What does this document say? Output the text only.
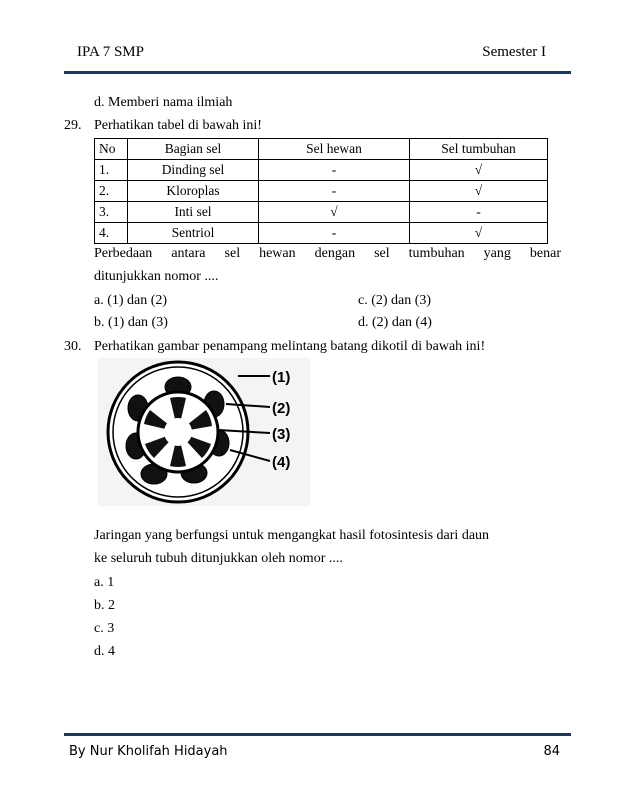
IPA 7 SMP	Semester I
d. Memberi nama ilmiah
29. Perhatikan tabel di bawah ini!
No	Bagian sel	Sel hewan	Sel tumbuhan
1.	Dinding sel	-	√
2.	Kloroplas	-	√
3.	Inti sel	√	-
4.	Sentriol	-	√
Perbedaan antara sel hewan dengan sel tumbuhan yang benar
ditunjukkan nomor ....
a. (1) dan (2)	c. (2) dan (3)
b. (1) dan (3)	d. (2) dan (4)
30. Perhatikan gambar penampang melintang batang dikotil di bawah ini!
(1)
(2)
(3)
(4)
Jaringan yang berfungsi untuk mengangkat hasil fotosintesis dari daun
ke seluruh tubuh ditunjukkan oleh nomor ....
a. 1
b. 2
c. 3
d. 4
By Nur Kholifah Hidayah	84
